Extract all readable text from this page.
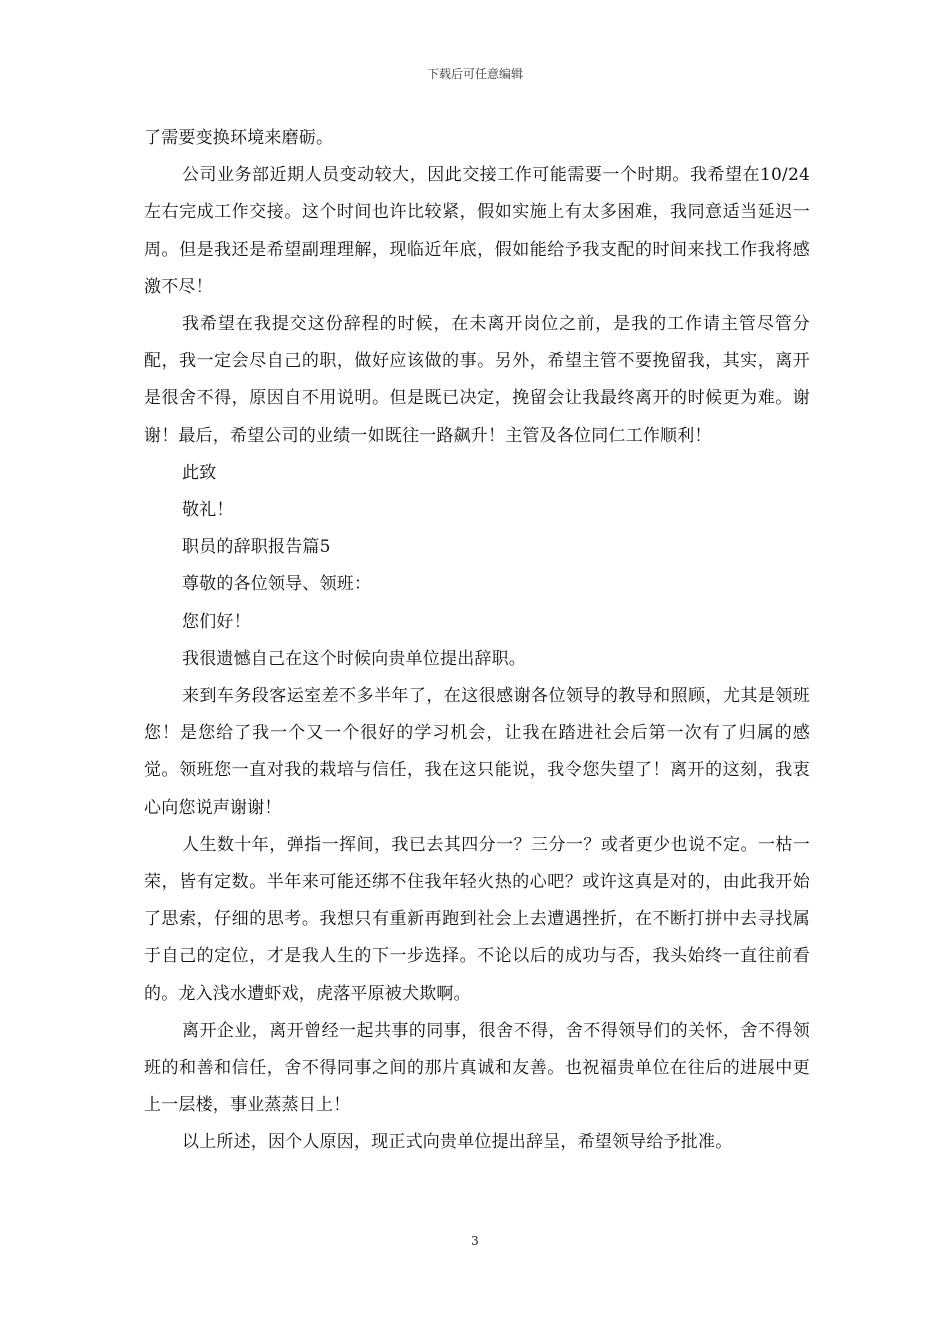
下载后可任意编辑

了需要变换环境来磨砺。

公司业务部近期人员变动较大，因此交接工作可能需要一个时期。我希望在10/24左右完成工作交接。这个时间也许比较紧，假如实施上有太多困难，我同意适当延迟一周。但是我还是希望副理理解，现临近年底，假如能给予我支配的时间来找工作我将感激不尽！

我希望在我提交这份辞程的时候，在未离开岗位之前，是我的工作请主管尽管分配，我一定会尽自己的职，做好应该做的事。另外，希望主管不要挽留我，其实，离开是很舍不得，原因自不用说明。但是既已决定，挽留会让我最终离开的时候更为难。谢谢！最后，希望公司的业绩一如既往一路飙升！主管及各位同仁工作顺利！

此致

敬礼！

职员的辞职报告篇5

尊敬的各位领导、领班：

您们好！

我很遗憾自己在这个时候向贵单位提出辞职。

来到车务段客运室差不多半年了，在这很感谢各位领导的教导和照顾，尤其是领班您！是您给了我一个又一个很好的学习机会，让我在踏进社会后第一次有了归属的感觉。领班您一直对我的栽培与信任，我在这只能说，我令您失望了！离开的这刻，我衷心向您说声谢谢！

人生数十年，弹指一挥间，我已去其四分一？三分一？或者更少也说不定。一枯一荣，皆有定数。半年来可能还绑不住我年轻火热的心吧？或许这真是对的，由此我开始了思索，仔细的思考。我想只有重新再跑到社会上去遭遇挫折，在不断打拼中去寻找属于自己的定位，才是我人生的下一步选择。不论以后的成功与否，我头始终一直往前看的。龙入浅水遭虾戏，虎落平原被犬欺啊。

离开企业，离开曾经一起共事的同事，很舍不得，舍不得领导们的关怀，舍不得领班的和善和信任，舍不得同事之间的那片真诚和友善。也祝福贵单位在往后的进展中更上一层楼，事业蒸蒸日上！

以上所述，因个人原因，现正式向贵单位提出辞呈，希望领导给予批准。

3
